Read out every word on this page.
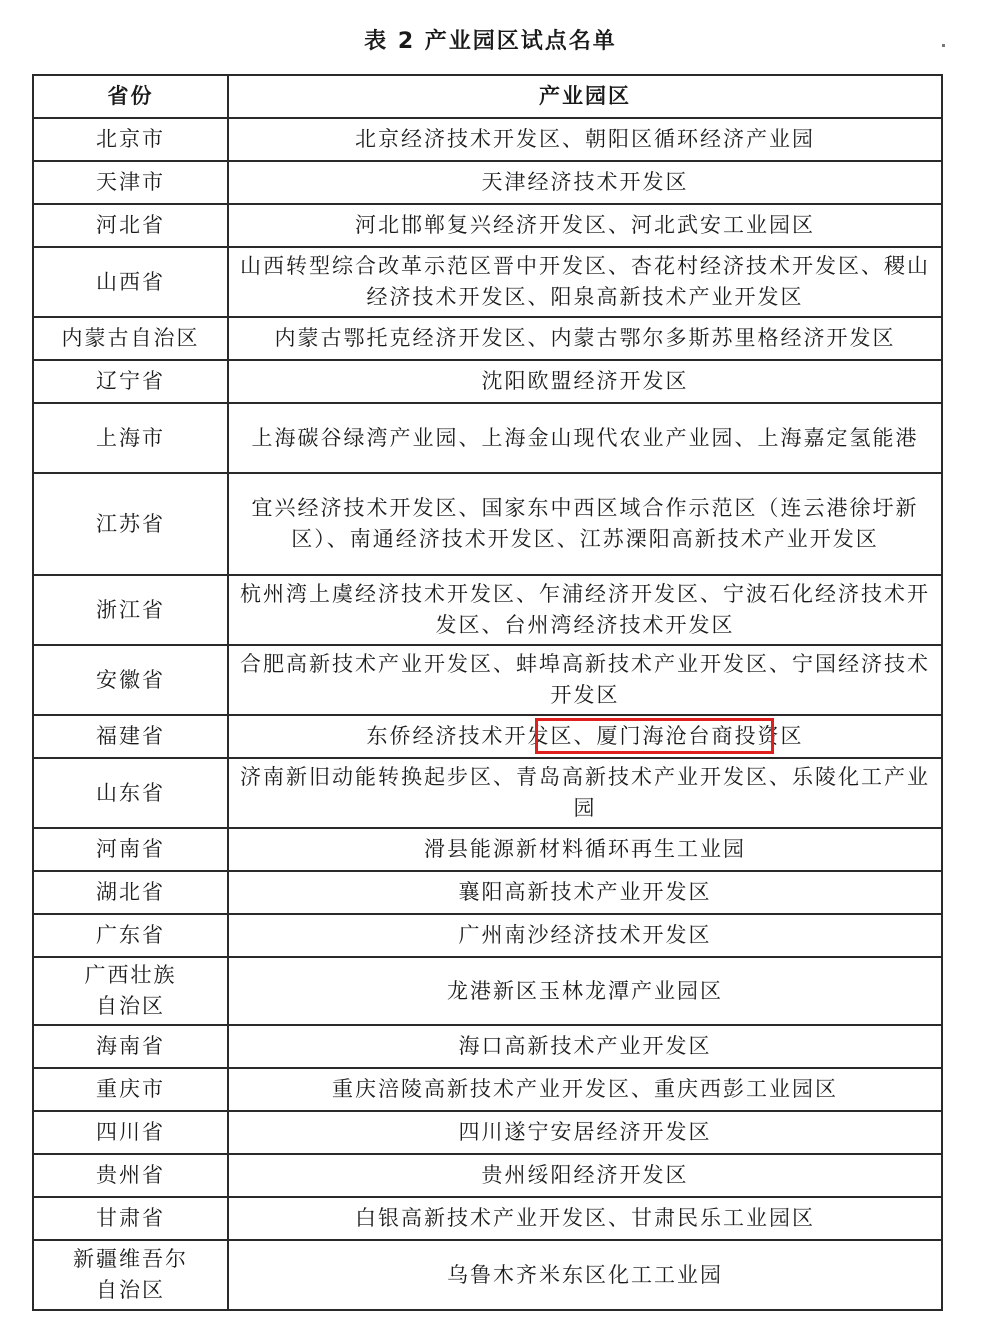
表 2 产业园区试点名单
省份	产业园区
北京市	北京经济技术开发区、朝阳区循环经济产业园
天津市	天津经济技术开发区
河北省	河北邯郸复兴经济开发区、河北武安工业园区
山西省	山西转型综合改革示范区晋中开发区、杏花村经济技术开发区、稷山经济技术开发区、阳泉高新技术产业开发区
内蒙古自治区	内蒙古鄂托克经济开发区、内蒙古鄂尔多斯苏里格经济开发区
辽宁省	沈阳欧盟经济开发区
上海市	上海碳谷绿湾产业园、上海金山现代农业产业园、上海嘉定氢能港
江苏省	宜兴经济技术开发区、国家东中西区域合作示范区（连云港徐圩新区）、南通经济技术开发区、江苏溧阳高新技术产业开发区
浙江省	杭州湾上虞经济技术开发区、乍浦经济开发区、宁波石化经济技术开发区、台州湾经济技术开发区
安徽省	合肥高新技术产业开发区、蚌埠高新技术产业开发区、宁国经济技术开发区
福建省	东侨经济技术开发区、厦门海沧台商投资区

山东省	济南新旧动能转换起步区、青岛高新技术产业开发区、乐陵化工产业园
河南省	滑县能源新材料循环再生工业园
湖北省	襄阳高新技术产业开发区
广东省	广州南沙经济技术开发区
广西壮族自治区	龙港新区玉林龙潭产业园区
海南省	海口高新技术产业开发区
重庆市	重庆涪陵高新技术产业开发区、重庆西彭工业园区
四川省	四川遂宁安居经济开发区
贵州省	贵州绥阳经济开发区
甘肃省	白银高新技术产业开发区、甘肃民乐工业园区
新疆维吾尔自治区	乌鲁木齐米东区化工工业园
